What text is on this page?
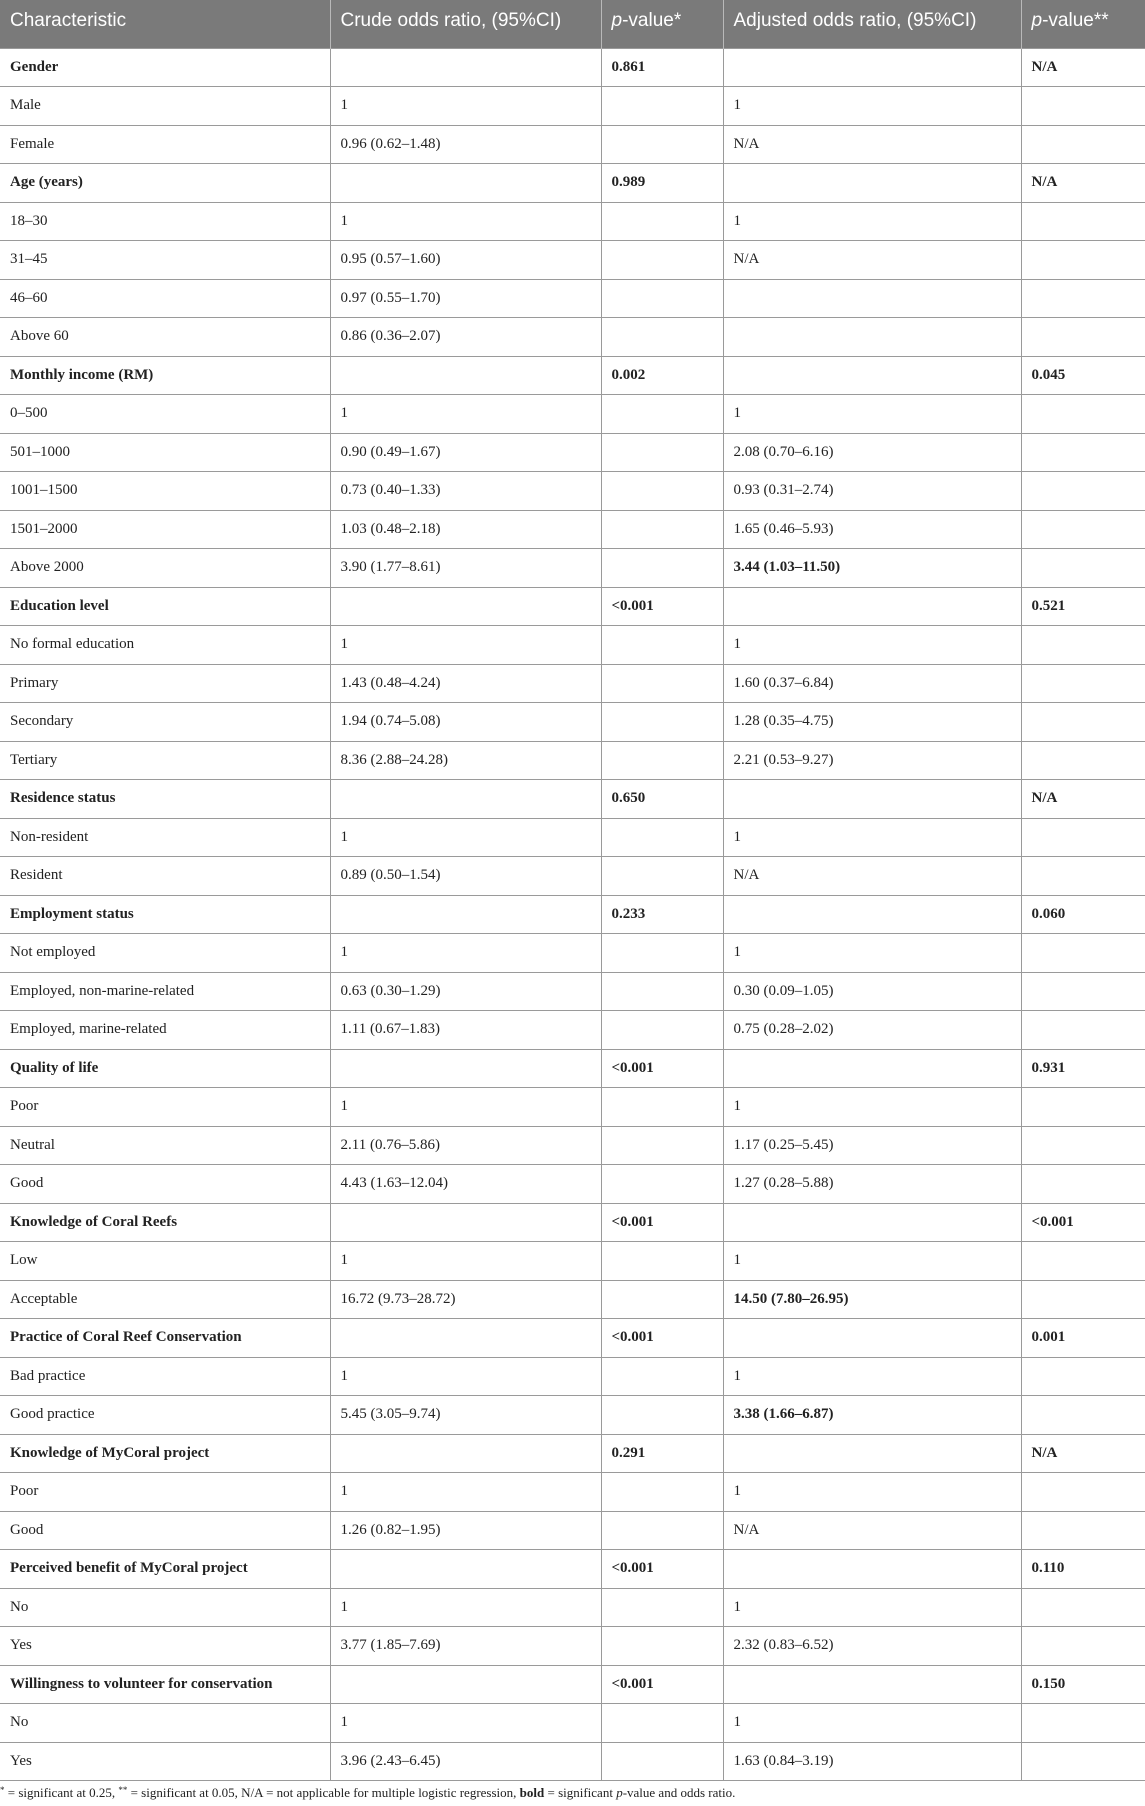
Characteristic	Crude odds ratio, (95%CI)	p-value*	Adjusted odds ratio, (95%CI)	p-value**
Gender		0.861		N/A
Male	1		1	
Female	0.96 (0.62–1.48)		N/A	
Age (years)		0.989		N/A
18–30	1		1	
31–45	0.95 (0.57–1.60)		N/A	
46–60	0.97 (0.55–1.70)			
Above 60	0.86 (0.36–2.07)			
Monthly income (RM)		0.002		0.045
0–500	1		1	
501–1000	0.90 (0.49–1.67)		2.08 (0.70–6.16)	
1001–1500	0.73 (0.40–1.33)		0.93 (0.31–2.74)	
1501–2000	1.03 (0.48–2.18)		1.65 (0.46–5.93)	
Above 2000	3.90 (1.77–8.61)		3.44 (1.03–11.50)	
Education level		<0.001		0.521
No formal education	1		1	
Primary	1.43 (0.48–4.24)		1.60 (0.37–6.84)	
Secondary	1.94 (0.74–5.08)		1.28 (0.35–4.75)	
Tertiary	8.36 (2.88–24.28)		2.21 (0.53–9.27)	
Residence status		0.650		N/A
Non-resident	1		1	
Resident	0.89 (0.50–1.54)		N/A	
Employment status		0.233		0.060
Not employed	1		1	
Employed, non-marine-related	0.63 (0.30–1.29)		0.30 (0.09–1.05)	
Employed, marine-related	1.11 (0.67–1.83)		0.75 (0.28–2.02)	
Quality of life		<0.001		0.931
Poor	1		1	
Neutral	2.11 (0.76–5.86)		1.17 (0.25–5.45)	
Good	4.43 (1.63–12.04)		1.27 (0.28–5.88)	
Knowledge of Coral Reefs		<0.001		<0.001
Low	1		1	
Acceptable	16.72 (9.73–28.72)		14.50 (7.80–26.95)	
Practice of Coral Reef Conservation		<0.001		0.001
Bad practice	1		1	
Good practice	5.45 (3.05–9.74)		3.38 (1.66–6.87)	
Knowledge of MyCoral project		0.291		N/A
Poor	1		1	
Good	1.26 (0.82–1.95)		N/A	
Perceived benefit of MyCoral project		<0.001		0.110
No	1		1	
Yes	3.77 (1.85–7.69)		2.32 (0.83–6.52)	
Willingness to volunteer for conservation		<0.001		0.150
No	1		1	
Yes	3.96 (2.43–6.45)		1.63 (0.84–3.19)	
* = significant at 0.25, ** = significant at 0.05, N/A = not applicable for multiple logistic regression, bold = significant p-value and odds ratio.
